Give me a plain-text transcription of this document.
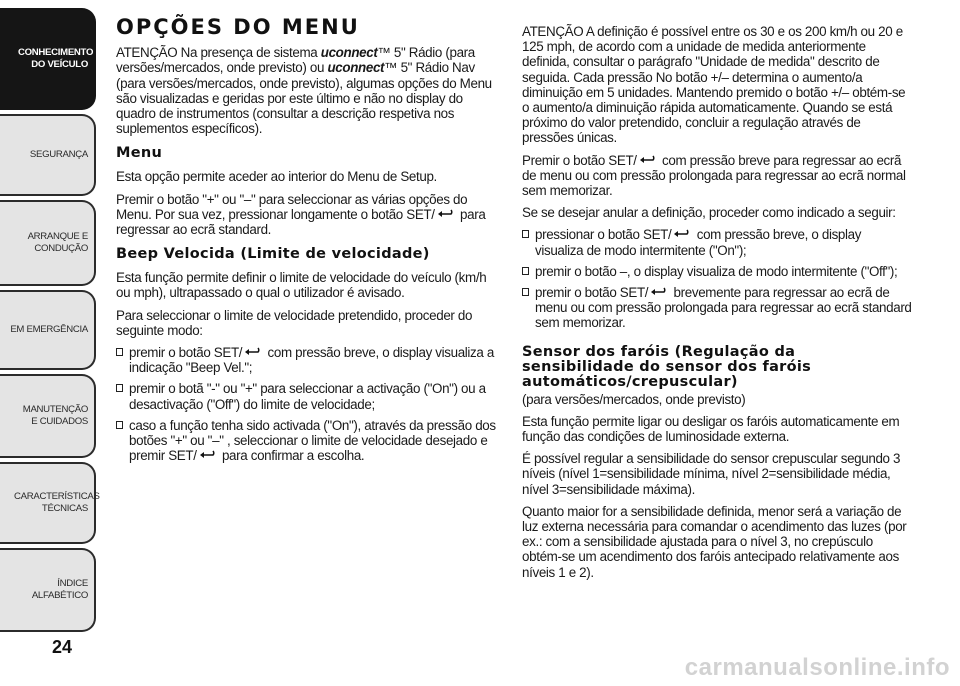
CONHECIMENTO DO VEÍCULO
SEGURANÇA
ARRANQUE E CONDUÇÃO
EM EMERGÊNCIA
MANUTENÇÃO E CUIDADOS
CARACTERÍSTICAS TÉCNICAS
ÍNDICE ALFABÉTICO
24
OPÇÕES DO MENU

ATENÇÃO Na presença de sistema uconnect™ 5" Rádio (para versões/mercados, onde previsto) ou uconnect™ 5" Rádio Nav (para versões/mercados, onde previsto), algumas opções do Menu são visualizadas e geridas por este último e não no display do quadro de instrumentos (consultar a descrição respetiva nos suplementos específicos).

Menu

Esta opção permite aceder ao interior do Menu de Setup.

Premir o botão "+" ou "–" para seleccionar as várias opções do Menu. Por sua vez, pressionar longamente o botão SET/ para regressar ao ecrã standard.

Beep Velocida (Limite de velocidade)

Esta função permite definir o limite de velocidade do veículo (km/h ou mph), ultrapassado o qual o utilizador é avisado.

Para seleccionar o limite de velocidade pretendido, proceder do seguinte modo:

premir o botão SET/ com pressão breve, o display visualiza a indicação "Beep Vel.";
premir o botã "-" ou "+" para seleccionar a activação ("On") ou a desactivação ("Off") do limite de velocidade;
caso a função tenha sido activada ("On"), através da pressão dos botões "+" ou "–" , seleccionar o limite de velocidade desejado e premir SET/ para confirmar a escolha.

ATENÇÃO A definição é possível entre os 30 e os 200 km/h ou 20 e 125 mph, de acordo com a unidade de medida anteriormente definida, consultar o parágrafo "Unidade de medida" descrito de seguida. Cada pressão No botão +/– determina o aumento/a diminuição em 5 unidades. Mantendo premido o botão +/– obtém-se o aumento/a diminuição rápida automaticamente. Quando se está próximo do valor pretendido, concluir a regulação através de pressões únicas.

Premir o botão SET/ com pressão breve para regressar ao ecrã de menu ou com pressão prolongada para regressar ao ecrã normal sem memorizar.

Se se desejar anular a definição, proceder como indicado a seguir:

pressionar o botão SET/ com pressão breve, o display visualiza de modo intermitente ("On");
premir o botão –, o display visualiza de modo intermitente ("Off");
premir o botão SET/ brevemente para regressar ao ecrã de menu ou com pressão prolongada para regressar ao ecrã standard sem memorizar.
Sensor dos faróis (Regulação da sensibilidade do sensor dos faróis automáticos/crepuscular)

(para versões/mercados, onde previsto)

Esta função permite ligar ou desligar os faróis automaticamente em função das condições de luminosidade externa.

É possível regular a sensibilidade do sensor crepuscular segundo 3 níveis (nível 1=sensibilidade mínima, nível 2=sensibilidade média, nível 3=sensibilidade máxima).

Quanto maior for a sensibilidade definida, menor será a variação de luz externa necessária para comandar o acendimento das luzes (por ex.: com a sensibilidade ajustada para o nível 3, no crepúsculo obtém-se um acendimento dos faróis antecipado relativamente aos níveis 1 e 2).

carmanualsonline.info
